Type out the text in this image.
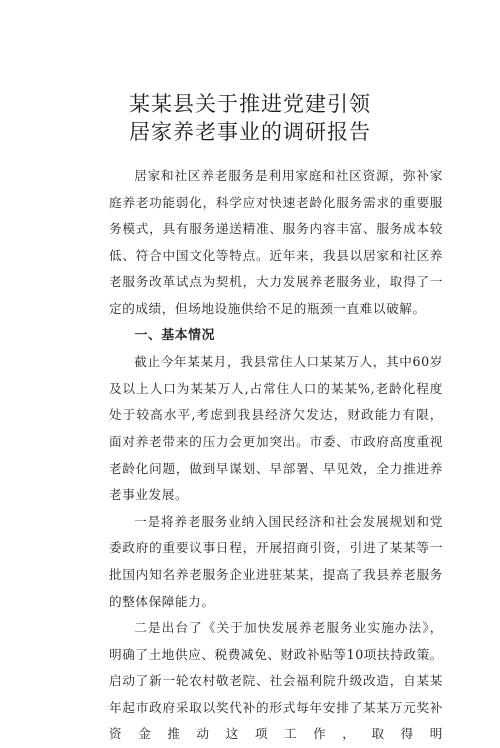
某某县关于推进党建引领
居家养老事业的调研报告

居家和社区养老服务是利用家庭和社区资源，弥补家庭养老功能弱化，科学应对快速老龄化服务需求的重要服务模式，具有服务递送精准、服务内容丰富、服务成本较低、符合中国文化等特点。近年来，我县以居家和社区养老服务改革试点为契机，大力发展养老服务业，取得了一定的成绩，但场地设施供给不足的瓶颈一直难以破解。

一、基本情况

截止今年某某月，我县常住人口某某万人，其中60岁及以上人口为某某万人,占常住人口的某某%,老龄化程度处于较高水平,考虑到我县经济欠发达，财政能力有限，面对养老带来的压力会更加突出。市委、市政府高度重视老龄化问题，做到早谋划、早部署、早见效，全力推进养老事业发展。

一是将养老服务业纳入国民经济和社会发展规划和党委政府的重要议事日程，开展招商引资，引进了某某等一批国内知名养老服务企业进驻某某，提高了我县养老服务的整体保障能力。

二是出台了《关于加快发展养老服务业实施办法》，明确了土地供应、税费减免、财政补贴等10项扶持政策。启动了新一轮农村敬老院、社会福利院升级改造，自某某年起市政府采取以奖代补的形式每年安排了某某万元奖补资金推动这项工作，取得明
